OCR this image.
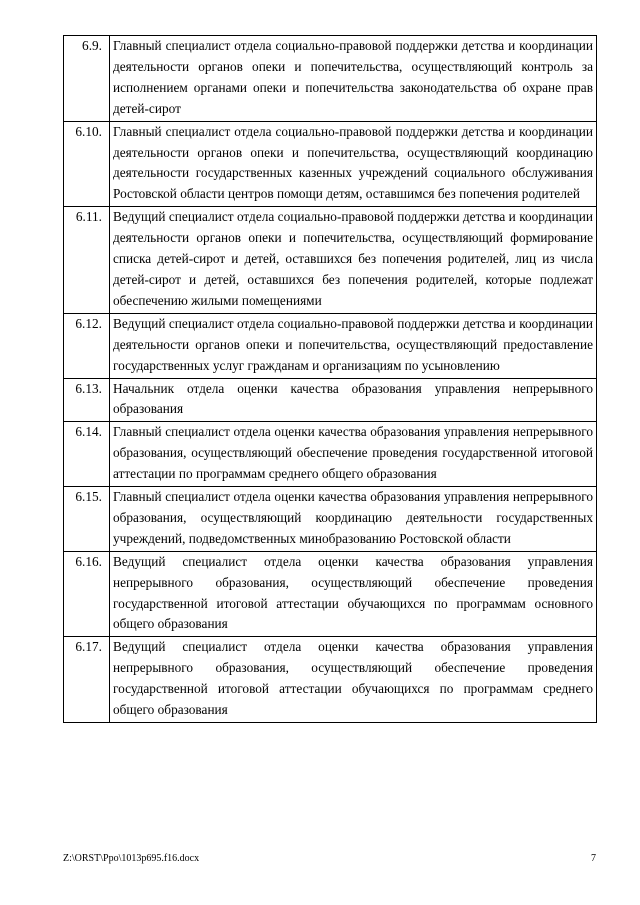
6.9.	Главный специалист отдела социально-правовой поддержки детства и координации деятельности органов опеки и попечительства, осуществляющий контроль за исполнением органами опеки и попечительства законодательства об охране прав детей-сирот
6.10.	Главный специалист отдела социально-правовой поддержки детства и координации деятельности органов опеки и попечительства, осуществляющий координацию деятельности государственных казенных учреждений социального обслуживания Ростовской области центров помощи детям, оставшимся без попечения родителей
6.11.	Ведущий специалист отдела социально-правовой поддержки детства и координации деятельности органов опеки и попечительства, осуществляющий формирование списка детей-сирот и детей, оставшихся без попечения родителей, лиц из числа детей-сирот и детей, оставшихся без попечения родителей, которые подлежат обеспечению жилыми помещениями
6.12.	Ведущий специалист отдела социально-правовой поддержки детства и координации деятельности органов опеки и попечительства, осуществляющий предоставление государственных услуг гражданам и организациям по усыновлению
6.13.	Начальник отдела оценки качества образования управления непрерывного образования
6.14.	Главный специалист отдела оценки качества образования управления непрерывного образования, осуществляющий обеспечение проведения государственной итоговой аттестации по программам среднего общего образования
6.15.	Главный специалист отдела оценки качества образования управления непрерывного образования, осуществляющий координацию деятельности государственных учреждений, подведомственных минобразованию Ростовской области
6.16.	Ведущий специалист отдела оценки качества образования управления непрерывного образования, осуществляющий обеспечение проведения государственной итоговой аттестации обучающихся по программам основного общего образования
6.17.	Ведущий специалист отдела оценки качества образования управления непрерывного образования, осуществляющий обеспечение проведения государственной итоговой аттестации обучающихся по программам среднего общего образования
Z:\ORST\Ppo\1013p695.f16.docx	7
